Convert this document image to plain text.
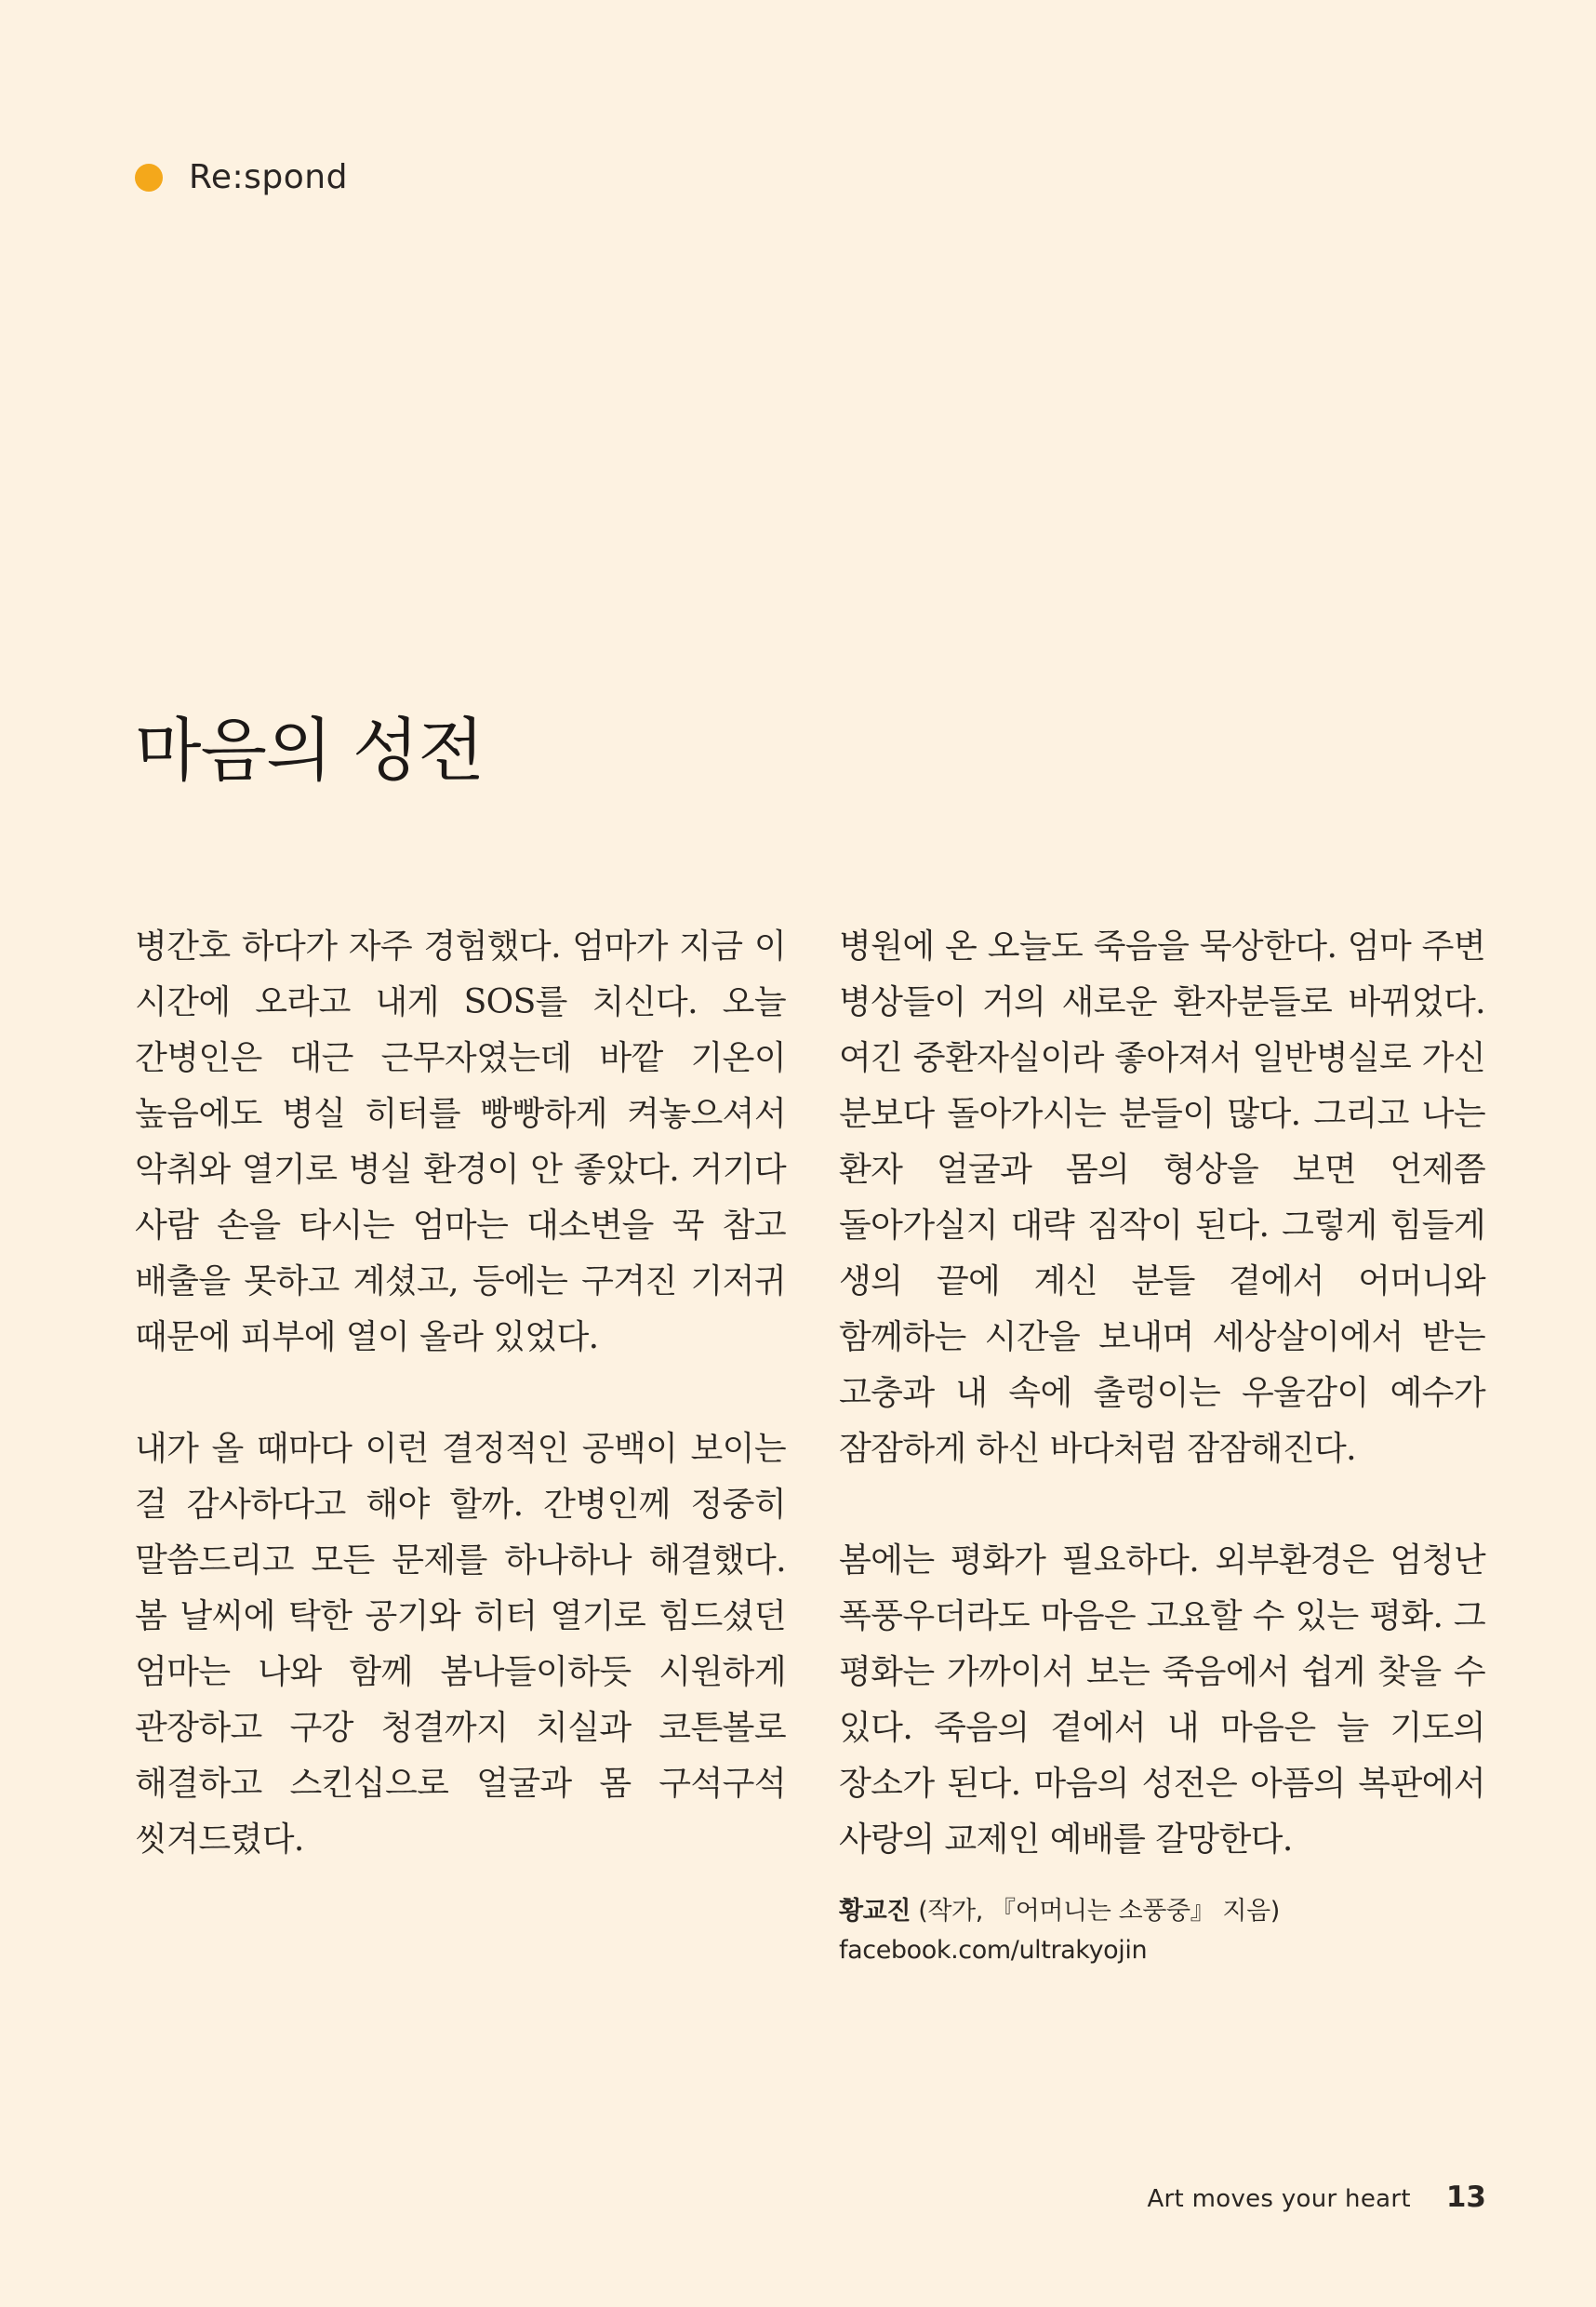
Re:spond
마음의 성전

병간호 하다가 자주 경험했다. 엄마가 지금 이 시간에 오라고 내게 SOS를 치신다. 오늘 간병인은 대근 근무자였는데 바깥 기온이 높음에도 병실 히터를 빵빵하게 켜놓으셔서 악취와 열기로 병실 환경이 안 좋았다. 거기다 사람 손을 타시는 엄마는 대소변을 꾹 참고 배출을 못하고 계셨고, 등에는 구겨진 기저귀 때문에 피부에 열이 올라 있었다.

내가 올 때마다 이런 결정적인 공백이 보이는 걸 감사하다고 해야 할까. 간병인께 정중히 말씀드리고 모든 문제를 하나하나 해결했다. 봄 날씨에 탁한 공기와 히터 열기로 힘드셨던 엄마는 나와 함께 봄나들이하듯 시원하게 관장하고 구강 청결까지 치실과 코튼볼로 해결하고 스킨십으로 얼굴과 몸 구석구석 씻겨드렸다.

병원에 온 오늘도 죽음을 묵상한다. 엄마 주변 병상들이 거의 새로운 환자분들로 바뀌었다. 여긴 중환자실이라 좋아져서 일반병실로 가신 분보다 돌아가시는 분들이 많다. 그리고 나는 환자 얼굴과 몸의 형상을 보면 언제쯤 돌아가실지 대략 짐작이 된다. 그렇게 힘들게 생의 끝에 계신 분들 곁에서 어머니와 함께하는 시간을 보내며 세상살이에서 받는 고충과 내 속에 출렁이는 우울감이 예수가 잠잠하게 하신 바다처럼 잠잠해진다.

봄에는 평화가 필요하다. 외부환경은 엄청난 폭풍우더라도 마음은 고요할 수 있는 평화. 그 평화는 가까이서 보는 죽음에서 쉽게 찾을 수 있다. 죽음의 곁에서 내 마음은 늘 기도의 장소가 된다. 마음의 성전은 아픔의 복판에서 사랑의 교제인 예배를 갈망한다.

황교진 (작가, 『어머니는 소풍중』 지음)
facebook.com/ultrakyojin
Art moves your heart 13
